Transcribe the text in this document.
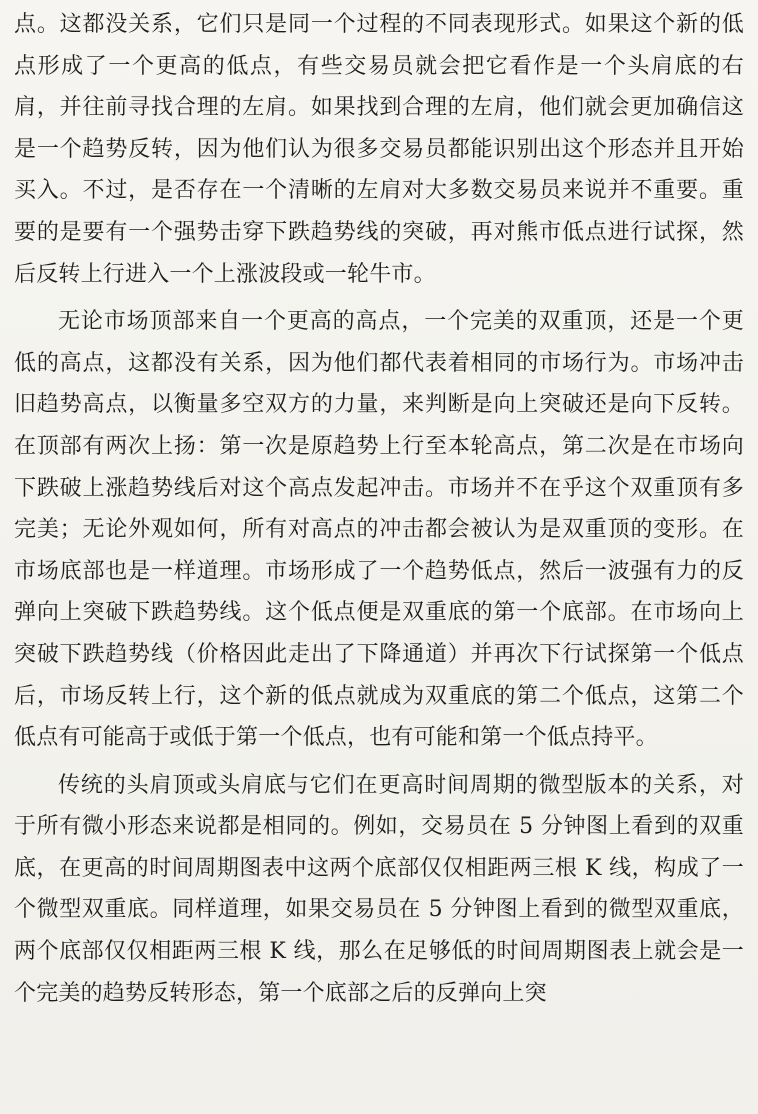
点。这都没关系，它们只是同一个过程的不同表现形式。如果这个新的低点形成了一个更高的低点，有些交易员就会把它看作是一个头肩底的右肩，并往前寻找合理的左肩。如果找到合理的左肩，他们就会更加确信这是一个趋势反转，因为他们认为很多交易员都能识别出这个形态并且开始买入。不过，是否存在一个清晰的左肩对大多数交易员来说并不重要。重要的是要有一个强势击穿下跌趋势线的突破，再对熊市低点进行试探，然后反转上行进入一个上涨波段或一轮牛市。

无论市场顶部来自一个更高的高点，一个完美的双重顶，还是一个更低的高点，这都没有关系，因为他们都代表着相同的市场行为。市场冲击旧趋势高点，以衡量多空双方的力量，来判断是向上突破还是向下反转。在顶部有两次上扬：第一次是原趋势上行至本轮高点，第二次是在市场向下跌破上涨趋势线后对这个高点发起冲击。市场并不在乎这个双重顶有多完美；无论外观如何，所有对高点的冲击都会被认为是双重顶的变形。在市场底部也是一样道理。市场形成了一个趋势低点，然后一波强有力的反弹向上突破下跌趋势线。这个低点便是双重底的第一个底部。在市场向上突破下跌趋势线（价格因此走出了下降通道）并再次下行试探第一个低点后，市场反转上行，这个新的低点就成为双重底的第二个低点，这第二个低点有可能高于或低于第一个低点，也有可能和第一个低点持平。

传统的头肩顶或头肩底与它们在更高时间周期的微型版本的关系，对于所有微小形态来说都是相同的。例如，交易员在 5 分钟图上看到的双重底，在更高的时间周期图表中这两个底部仅仅相距两三根 K 线，构成了一个微型双重底。同样道理，如果交易员在 5 分钟图上看到的微型双重底，两个底部仅仅相距两三根 K 线，那么在足够低的时间周期图表上就会是一个完美的趋势反转形态，第一个底部之后的反弹向上突
